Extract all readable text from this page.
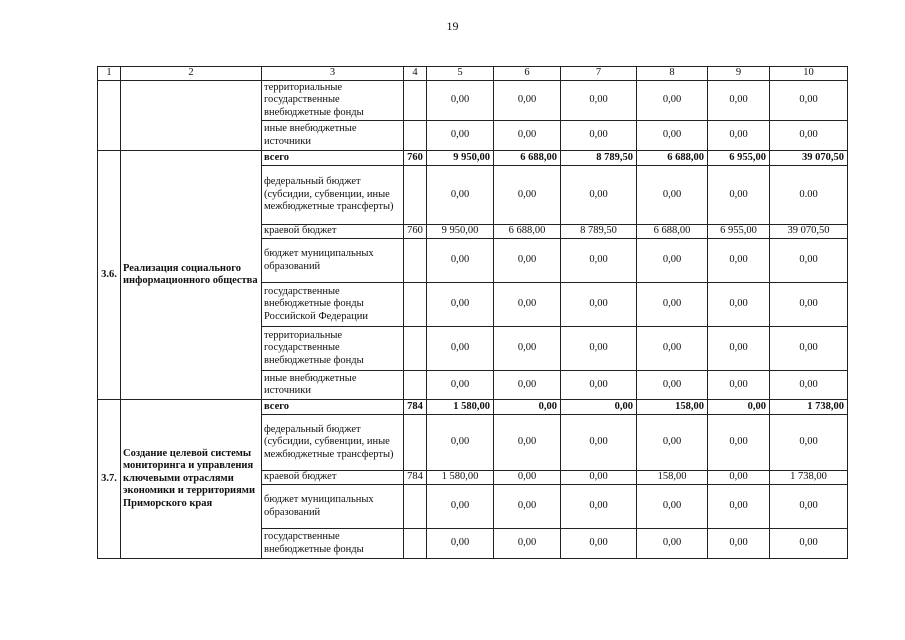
19
1	2	3	4	5	6	7	8	9	10
		территориальные государственные внебюджетные фонды		0,00	0,00	0,00	0,00	0,00	0,00
		иные внебюджетные источники		0,00	0,00	0,00	0,00	0,00	0,00
3.6.	Реализация социального информационного общества	всего	760	9 950,00	6 688,00	8 789,50	6 688,00	6 955,00	39 070,50
		федеральный бюджет (субсидии, субвенции, иные межбюджетные трансферты)		0,00	0,00	0,00	0,00	0,00	0.00
		краевой бюджет	760	9 950,00	6 688,00	8 789,50	6 688,00	6 955,00	39 070,50
		бюджет муниципальных образований		0,00	0,00	0,00	0,00	0,00	0,00
		государственные внебюджетные фонды Российской Федерации		0,00	0,00	0,00	0,00	0,00	0,00
		территориальные государственные внебюджетные фонды		0,00	0,00	0,00	0,00	0,00	0,00
		иные внебюджетные источники		0,00	0,00	0,00	0,00	0,00	0,00
3.7.	Создание целевой системы мониторинга и управления ключевыми отраслями экономики и территориями Приморского края	всего	784	1 580,00	0,00	0,00	158,00	0,00	1 738,00
		федеральный бюджет (субсидии, субвенции, иные межбюджетные трансферты)		0,00	0,00	0,00	0,00	0,00	0,00
		краевой бюджет	784	1 580,00	0,00	0,00	158,00	0,00	1 738,00
		бюджет муниципальных образований		0,00	0,00	0,00	0,00	0,00	0,00
		государственные внебюджетные фонды		0,00	0,00	0,00	0,00	0,00	0,00
